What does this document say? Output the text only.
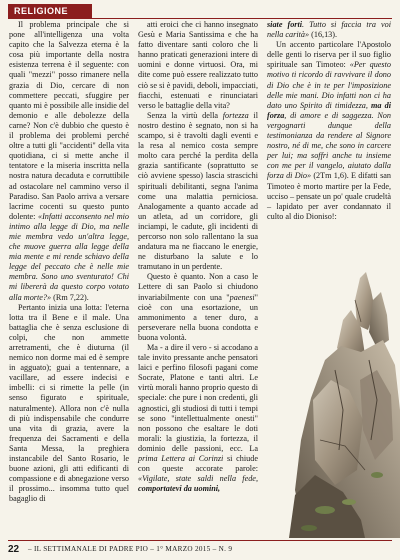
RELIGIONE

Il problema principale che si pone all'intelligenza una volta capito che la Salvezza eterna è la cosa più importante della nostra esistenza terrena è il seguente: con quali "mezzi" posso rimanere nella grazia di Dio, cercare di non commettere peccati, sfuggire per quanto mi è possibile alle insidie del demonio e alle debolezze della carne? Non c'è dubbio che questo è il problema dei problemi perché oltre a tutti gli "accidenti" della vita quotidiana, ci si mette anche il tentatore e la miseria inscritta nella nostra natura decaduta e corruttibile ad ostacolare nel cammino verso il Paradiso. San Paolo arriva a versare lacrime cocenti su questo punto dolente: «Infatti acconsento nel mio intimo alla legge di Dio, ma nelle mie membra vedo un'altra legge, che muove guerra alla legge della mia mente e mi rende schiavo della legge del peccato che è nelle mie membra. Sono uno sventurato! Chi mi libererà da questo corpo votato alla morte?» (Rm 7,22).

Pertanto inizia una lotta: l'eterna lotta tra il Bene e il male. Una battaglia che è senza esclusione di colpi, che non ammette arretramenti, che è diuturna (il nemico non dorme mai ed è sempre in agguato); guai a tentennare, a vacillare, ad essere indecisi e imbelli: ci si rimette la pelle (in senso figurato e spirituale, naturalmente). Allora non c'è nulla di più indispensabile che condurre una vita di grazia, avere la frequenza dei Sacramenti e della Santa Messa, la preghiera instancabile del Santo Rosario, le buone azioni, gli atti edificanti di compassione e di abnegazione verso il prossimo... insomma tutto quel bagaglio di

atti eroici che ci hanno insegnato Gesù e Maria Santissima e che ha fatto diventare santi coloro che li hanno praticati generazioni intere di uomini e donne virtuosi. Ora, mi dite come può essere realizzato tutto ciò se si è pavidi, deboli, impacciati, fiacchi, estenuati e rinunciatari verso le battaglie della vita?

Senza la virtù della fortezza il nostro destino è segnato, non si ha scampo, si è travolti dagli eventi e la resa al nemico costa sempre molto cara perché la perdita della grazia santificante (soprattutto se ciò avviene spesso) lascia strascichi spirituali debilitanti, segna l'anima come una malattia perniciosa. Analogamente a quanto accade ad un atleta, ad un corridore, gli inciampi, le cadute, gli incidenti di percorso non solo rallentano la sua andatura ma ne fiaccano le energie, ne disturbano la salute e lo tramutano in un perdente.

Questo è quanto. Non a caso le Lettere di san Paolo si chiudono invariabilmente con una "paenesi" cioè con una esortazione, un ammonimento a tener duro, a perseverare nella buona condotta e buona volontà.

Ma - a dire il vero - si accodano a tale invito pressante anche pensatori laici e perfino filosofi pagani come Socrate, Platone e tanti altri. Le virtù morali hanno proprio questo di speciale: che pure i non credenti, gli agnostici, gli studiosi di tutti i tempi se sono "intellettualmente onesti" non possono che esaltare le doti morali: la giustizia, la fortezza, il dominio delle passioni, ecc. La prima Lettera ai Corinzi si chiude con queste accorate parole: «Vigilate, state saldi nella fede, comportatevi da uomini,

siate forti. Tutto si faccia tra voi nella carità» (16,13).

Un accento particolare l'Apostolo delle genti lo riserva per il suo figlio spirituale san Timoteo: «Per questo motivo ti ricordo di ravvivare il dono di Dio che è in te per l'imposizione delle mie mani. Dio infatti non ci ha dato uno Spirito di timidezza, ma di forza, di amore e di saggezza. Non vergognarti dunque della testimonianza da rendere al Signore nostro, né di me, che sono in carcere per lui; ma soffri anche tu insieme con me per il vangelo, aiutato dalla forza di Dio» (2Tm 1,6). E difatti san Timoteo è morto martire per la Fede, ucciso – pensate un po' quale crudeltà – lapidato per aver condannato il culto al dio Dioniso!:

22 – IL SETTIMANALE DI PADRE PIO – 1° MARZO 2015 – N. 9
